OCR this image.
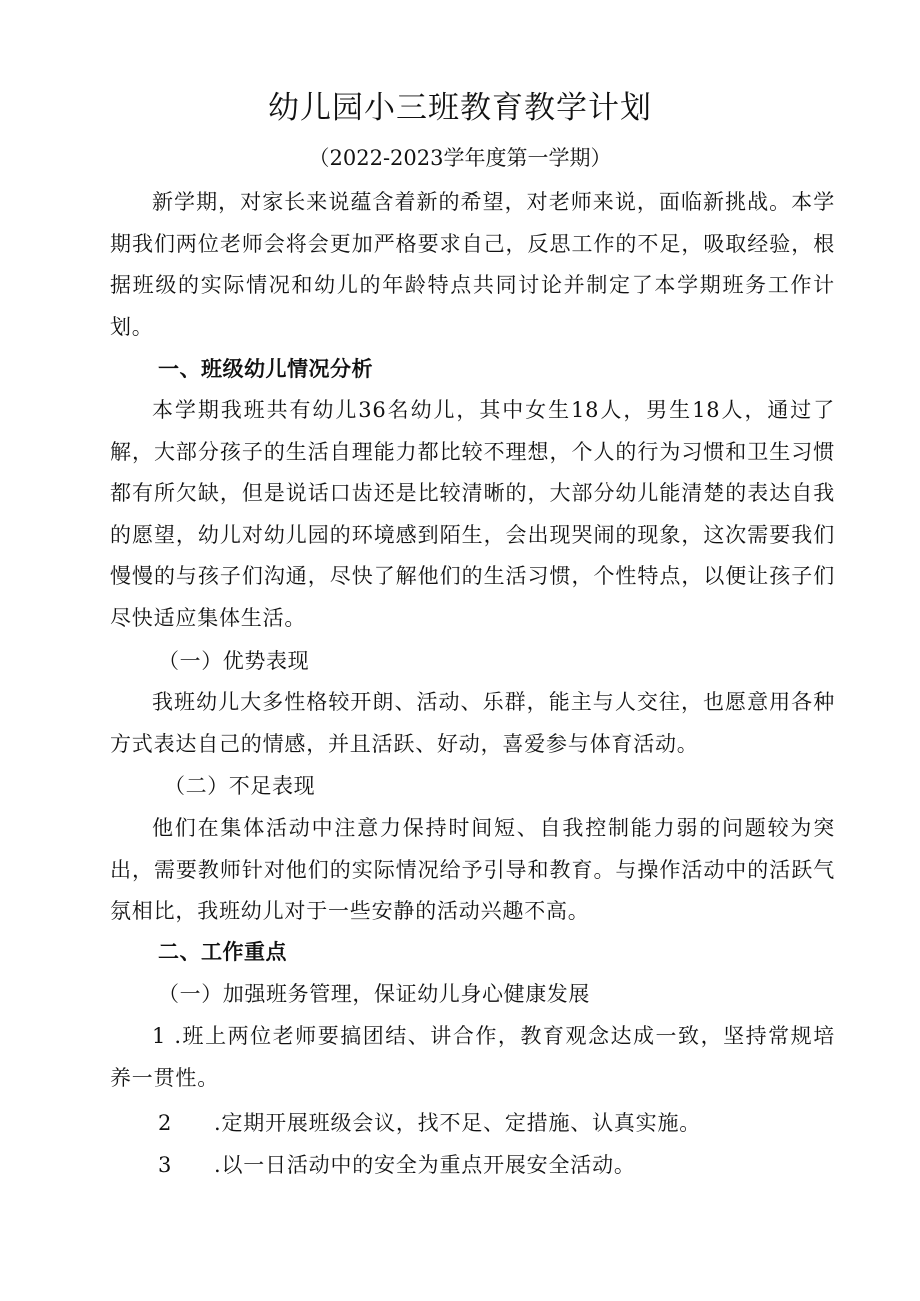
幼儿园小三班教育教学计划

（2022-2023学年度第一学期）

新学期，对家长来说蕴含着新的希望，对老师来说，面临新挑战。本学期我们两位老师会将会更加严格要求自己，反思工作的不足，吸取经验，根据班级的实际情况和幼儿的年龄特点共同讨论并制定了本学期班务工作计划。

一、班级幼儿情况分析

本学期我班共有幼儿36名幼儿，其中女生18人，男生18人，通过了解，大部分孩子的生活自理能力都比较不理想，个人的行为习惯和卫生习惯都有所欠缺，但是说话口齿还是比较清晰的，大部分幼儿能清楚的表达自我的愿望，幼儿对幼儿园的环境感到陌生，会出现哭闹的现象，这次需要我们慢慢的与孩子们沟通，尽快了解他们的生活习惯，个性特点，以便让孩子们尽快适应集体生活。

（一）优势表现

我班幼儿大多性格较开朗、活动、乐群，能主与人交往，也愿意用各种方式表达自己的情感，并且活跃、好动，喜爱参与体育活动。

（二）不足表现

他们在集体活动中注意力保持时间短、自我控制能力弱的问题较为突出，需要教师针对他们的实际情况给予引导和教育。与操作活动中的活跃气氛相比，我班幼儿对于一些安静的活动兴趣不高。

二、工作重点

（一）加强班务管理，保证幼儿身心健康发展

1 .班上两位老师要搞团结、讲合作，教育观念达成一致，坚持常规培养一贯性。

2 .定期开展班级会议，找不足、定措施、认真实施。

3 .以一日活动中的安全为重点开展安全活动。
